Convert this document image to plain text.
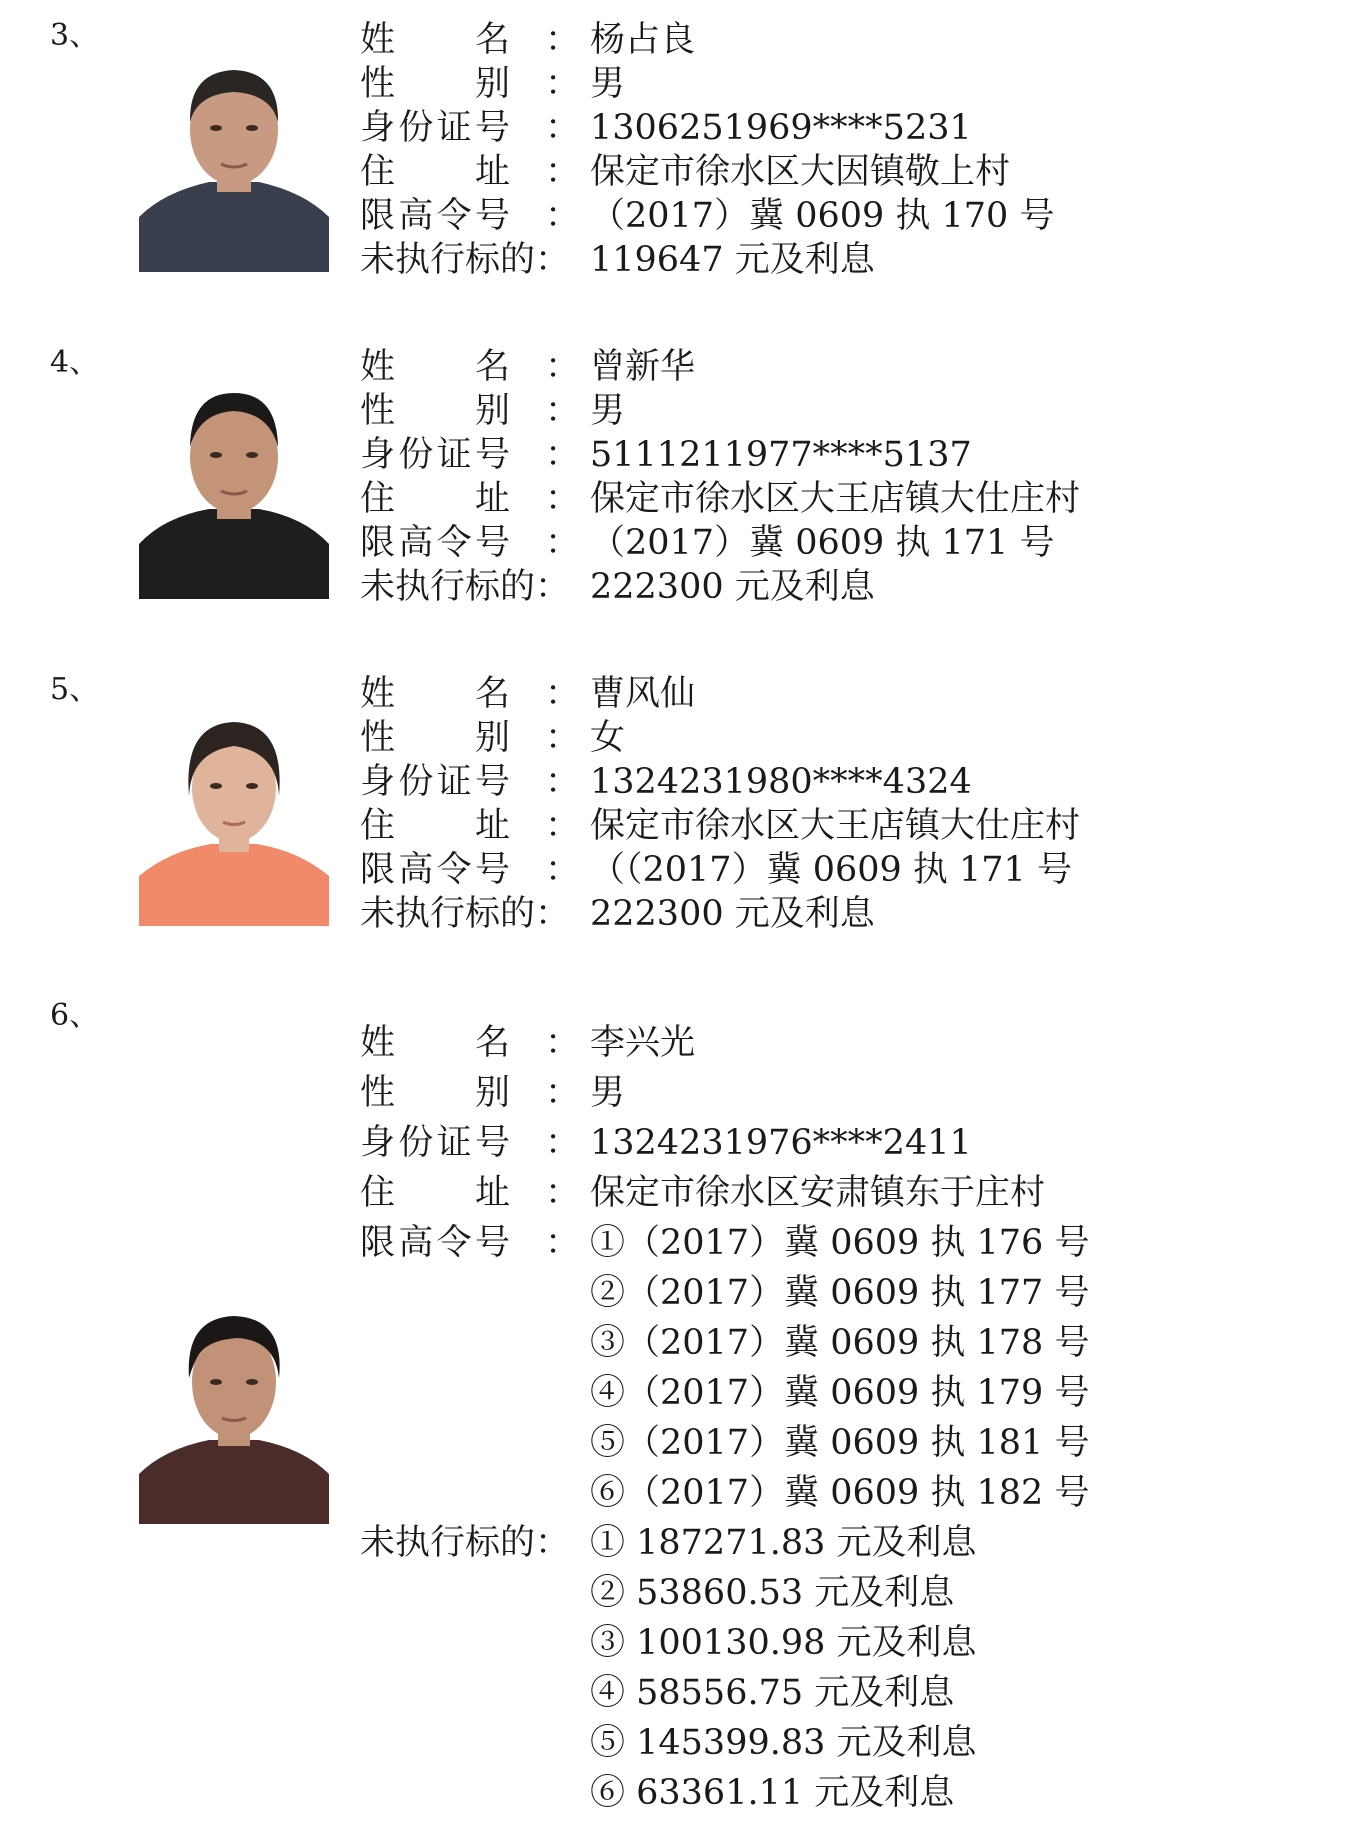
3、	姓　　名 ： 杨占良
性　　别 ： 男
身份证号 ： 1306251969****5231
住　　址 ： 保定市徐水区大因镇敬上村
限高令号 ： （2017）冀 0609 执 170 号
未执行标的： 119647 元及利息
4、	姓　　名 ： 曾新华
性　　别 ： 男
身份证号 ： 5111211977****5137
住　　址 ： 保定市徐水区大王店镇大仕庄村
限高令号 ： （2017）冀 0609 执 171 号
未执行标的： 222300 元及利息
5、	姓　　名 ： 曹风仙
性　　别 ： 女
身份证号 ： 1324231980****4324
住　　址 ： 保定市徐水区大王店镇大仕庄村
限高令号 ： （（2017）冀 0609 执 171 号
未执行标的： 222300 元及利息
6、
姓　　名 ： 李兴光
性　　别 ： 男
身份证号 ： 1324231976****2411
住　　址 ： 保定市徐水区安肃镇东于庄村
限高令号 ： ①（2017）冀 0609 执 176 号
②（2017）冀 0609 执 177 号
③（2017）冀 0609 执 178 号
④（2017）冀 0609 执 179 号
⑤（2017）冀 0609 执 181 号
⑥（2017）冀 0609 执 182 号
未执行标的： ① 187271.83 元及利息
② 53860.53 元及利息
③ 100130.98 元及利息
④ 58556.75 元及利息
⑤ 145399.83 元及利息
⑥ 63361.11 元及利息
